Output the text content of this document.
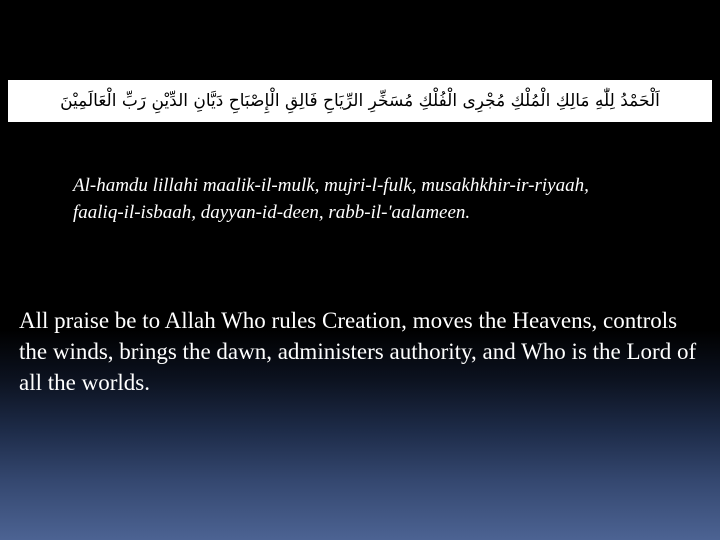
اَلْحَمْدُ لِلّٰهِ مَالِكِ الْمُلْكِ مُجْرِى الْفُلْكِ مُسَخِّرِ الرِّيَاحِ فَالِقِ الْإِصْبَاحِ دَيَّانِ الدِّيْنِ رَبِّ الْعَالَمِيْنَ

Al-hamdu lillahi maalik-il-mulk, mujri-l-fulk, musakhkhir-ir-riyaah, faaliq-il-isbaah, dayyan-id-deen, rabb-il-'aalameen.

All praise be to Allah Who rules Creation, moves the Heavens, controls the winds, brings the dawn, administers authority, and Who is the Lord of all the worlds.
